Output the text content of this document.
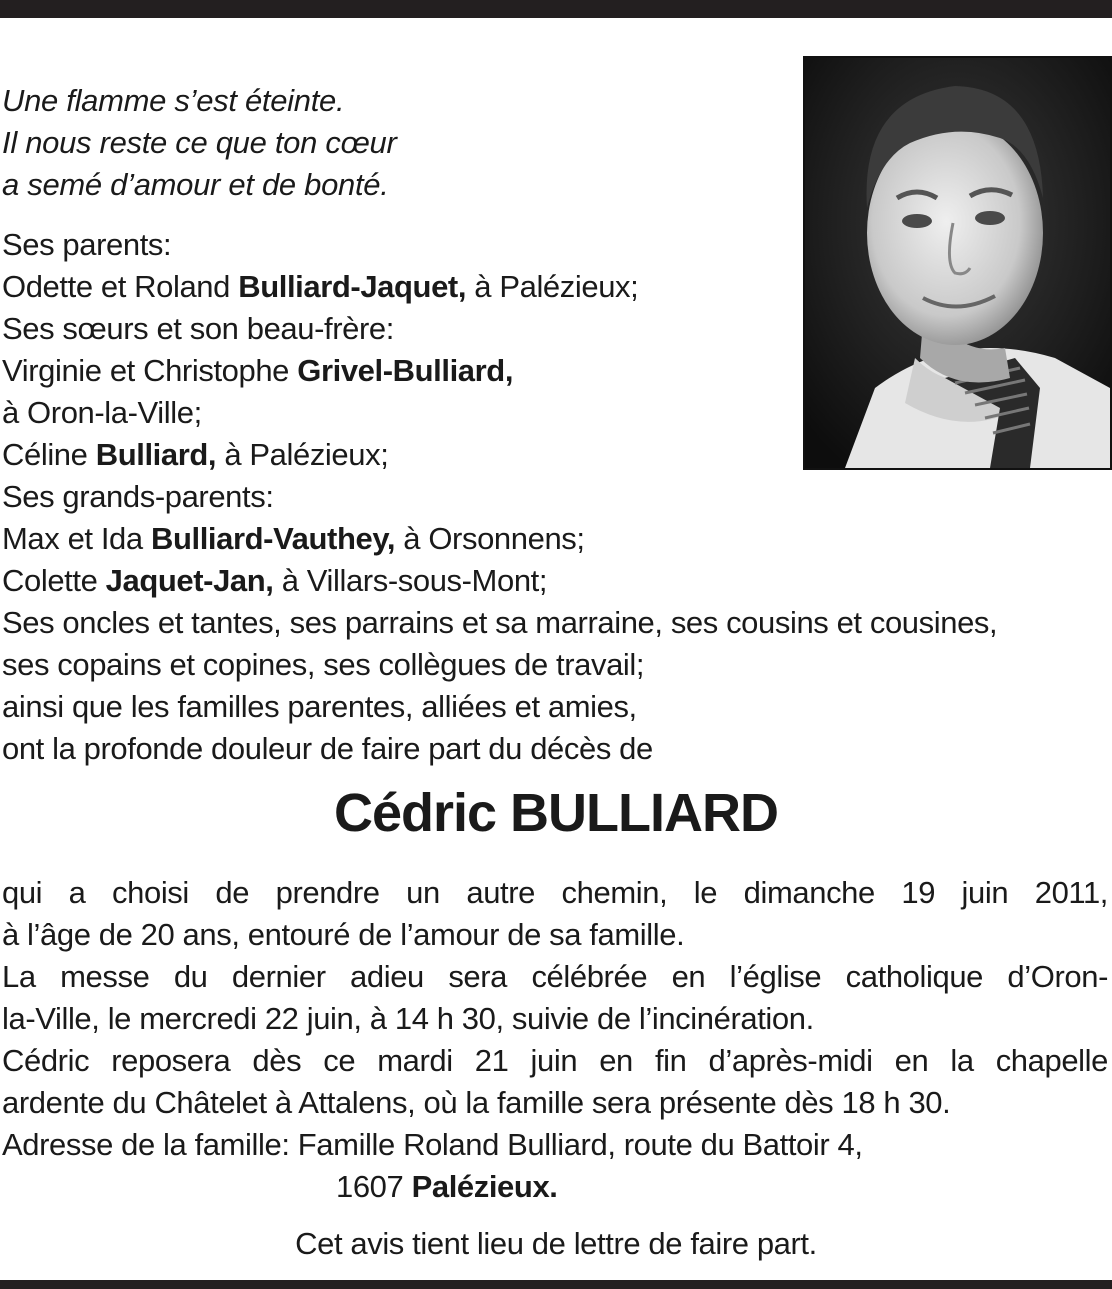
Une flamme s’est éteinte.
Il nous reste ce que ton cœur
a semé d’amour et de bonté.
Ses parents:
Odette et Roland Bulliard-Jaquet, à Palézieux;
Ses sœurs et son beau-frère:
Virginie et Christophe Grivel-Bulliard,
à Oron-la-Ville;
Céline Bulliard, à Palézieux;
Ses grands-parents:
Max et Ida Bulliard-Vauthey, à Orsonnens;
Colette Jaquet-Jan, à Villars-sous-Mont;
Ses oncles et tantes, ses parrains et sa marraine, ses cousins et cousines,
ses copains et copines, ses collègues de travail;
ainsi que les familles parentes, alliées et amies,
ont la profonde douleur de faire part du décès de
Cédric BULLIARD
qui a choisi de prendre un autre chemin, le dimanche 19 juin 2011,
à l’âge de 20 ans, entouré de l’amour de sa famille.
La messe du dernier adieu sera célébrée en l’église catholique d’Oron-
la-Ville, le mercredi 22 juin, à 14 h 30, suivie de l’incinération.
Cédric reposera dès ce mardi 21 juin en fin d’après-midi en la chapelle
ardente du Châtelet à Attalens, où la famille sera présente dès 18 h 30.
Adresse de la famille: Famille Roland Bulliard, route du Battoir 4,
1607 Palézieux.
Cet avis tient lieu de lettre de faire part.
